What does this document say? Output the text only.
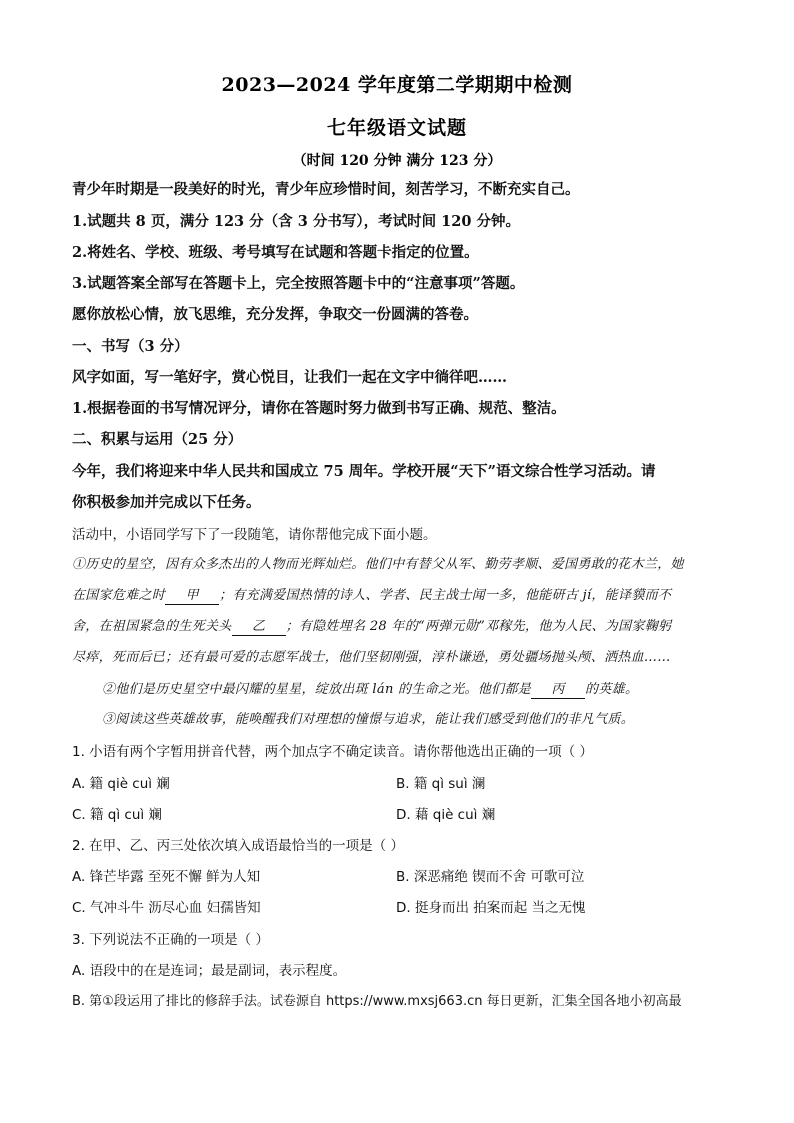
2023—2024 学年度第二学期期中检测
七年级语文试题
（时间 120 分钟 满分 123 分）
青少年时期是一段美好的时光，青少年应珍惜时间，刻苦学习，不断充实自己。
1.试题共 8 页，满分 123 分（含 3 分书写），考试时间 120 分钟。
2.将姓名、学校、班级、考号填写在试题和答题卡指定的位置。
3.试题答案全部写在答题卡上，完全按照答题卡中的“注意事项”答题。
愿你放松心情，放飞思维，充分发挥，争取交一份圆满的答卷。
一、书写（3 分）
风字如面，写一笔好字，赏心悦目，让我们一起在文字中徜徉吧……
1.根据卷面的书写情况评分，请你在答题时努力做到书写正确、规范、整洁。
二、积累与运用（25 分）
今年，我们将迎来中华人民共和国成立 75 周年。学校开展“天下”语文综合性学习活动。请
你积极参加并完成以下任务。
活动中，小语同学写下了一段随笔，请你帮他完成下面小题。
①历史的星空，因有众多杰出的人物而光辉灿烂。他们中有替父从军、勤劳孝顺、爱国勇敢的花木兰，她
在国家危难之时 甲 ；有充满爱国热情的诗人、学者、民主战士闻一多，他能研古 jí，能译貘而不
舍，在祖国紧急的生死关头 乙 ；有隐姓埋名 28 年的“两弹元勋”邓稼先，他为人民、为国家鞠躬
尽瘁，死而后已；还有最可爱的志愿军战士，他们坚韧刚强，淳朴谦逊，勇处疆场抛头颅、洒热血……
②他们是历史星空中最闪耀的星星，绽放出斑 lán 的生命之光。他们都是 丙 的英雄。
③阅读这些英雄故事，能唤醒我们对理想的憧憬与追求，能让我们感受到他们的非凡气质。
1. 小语有两个字暂用拼音代替，两个加点字不确定读音。请你帮他选出正确的一项（ ）
A. 籍 qiè cuì 斓	B. 籍 qì suì 澜
C. 籍 qì cuì 斓	D. 藉 qiè cuì 斓
2. 在甲、乙、丙三处依次填入成语最恰当的一项是（ ）
A. 锋芒毕露 至死不懈 鲜为人知	B. 深恶痛绝 锲而不舍 可歌可泣
C. 气冲斗牛 沥尽心血 妇孺皆知	D. 挺身而出 拍案而起 当之无愧
3. 下列说法不正确的一项是（ ）
A. 语段中的在是连词；最是副词，表示程度。
B. 第①段运用了排比的修辞手法。试卷源自 https://www.mxsj663.cn 每日更新，汇集全国各地小初高最
